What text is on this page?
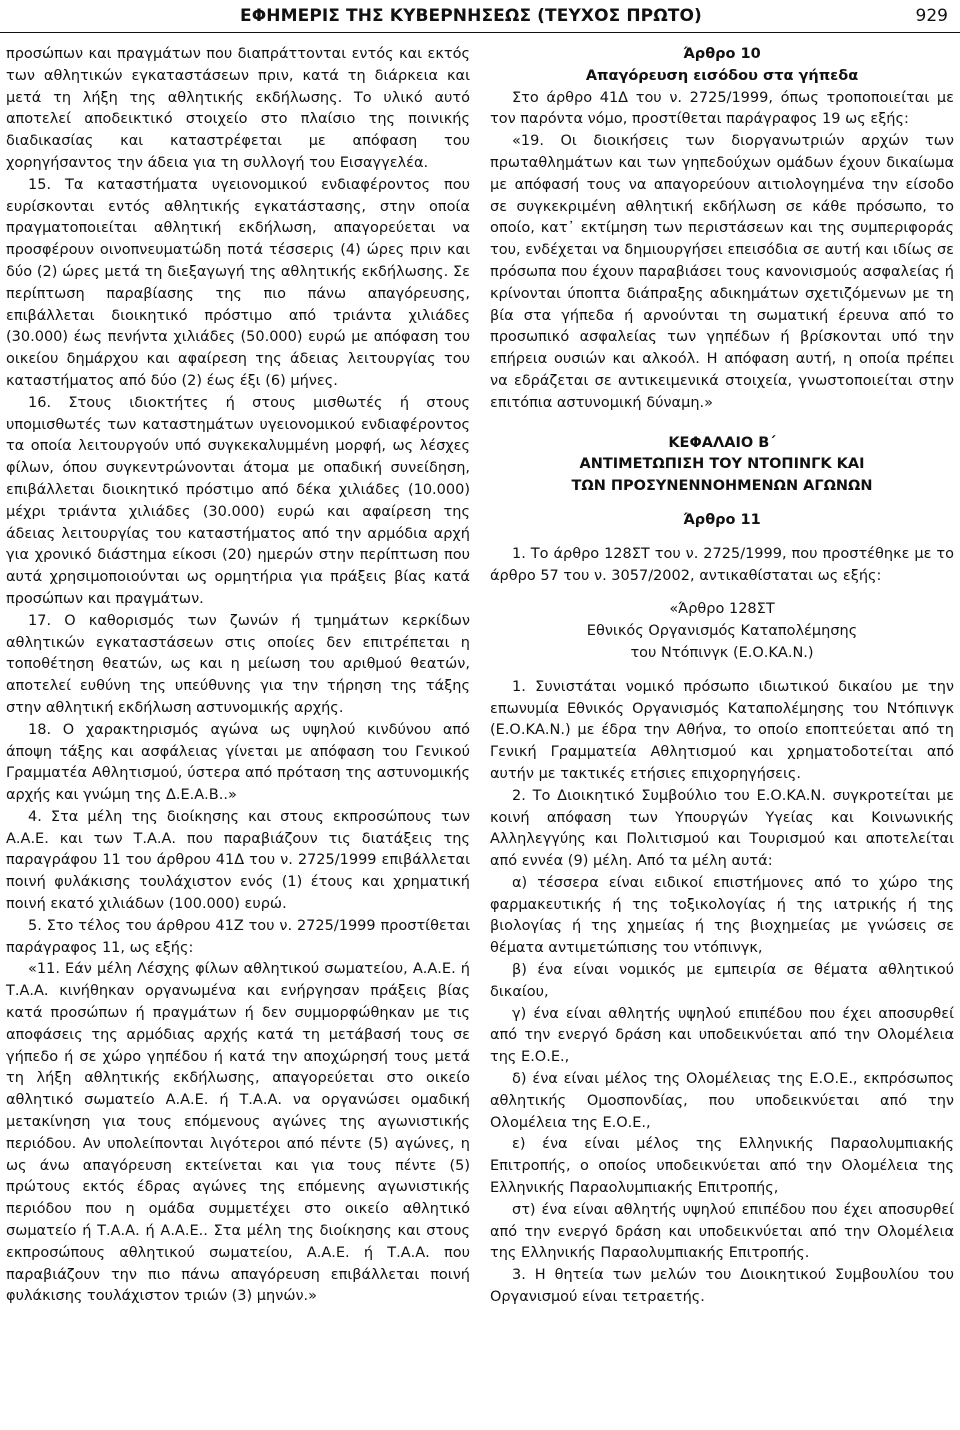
ΕΦΗΜΕΡΙΣ ΤΗΣ ΚΥΒΕΡΝΗΣΕΩΣ (ΤΕΥΧΟΣ ΠΡΩΤΟ)	929

προσώπων και πραγμάτων που διαπράττονται εντός και εκτός των αθλητικών εγκαταστάσεων πριν, κατά τη διάρκεια και μετά τη λήξη της αθλητικής εκδήλωσης. Το υλικό αυτό αποτελεί αποδεικτικό στοιχείο στο πλαίσιο της ποινικής διαδικασίας και καταστρέφεται με απόφαση του χορηγήσαντος την άδεια για τη συλλογή του Εισαγγελέα.

15. Τα καταστήματα υγειονομικού ενδιαφέροντος που ευρίσκονται εντός αθλητικής εγκατάστασης, στην οποία πραγματοποιείται αθλητική εκδήλωση, απαγορεύεται να προσφέρουν οινοπνευματώδη ποτά τέσσερις (4) ώρες πριν και δύο (2) ώρες μετά τη διεξαγωγή της αθλητικής εκδήλωσης. Σε περίπτωση παραβίασης της πιο πάνω απαγόρευσης, επιβάλλεται διοικητικό πρόστιμο από τριάντα χιλιάδες (30.000) έως πενήντα χιλιάδες (50.000) ευρώ με απόφαση του οικείου δημάρχου και αφαίρεση της άδειας λειτουργίας του καταστήματος από δύο (2) έως έξι (6) μήνες.

16. Στους ιδιοκτήτες ή στους μισθωτές ή στους υπομισθωτές των καταστημάτων υγειονομικού ενδιαφέροντος τα οποία λειτουργούν υπό συγκεκαλυμμένη μορφή, ως λέσχες φίλων, όπου συγκεντρώνονται άτομα με οπαδική συνείδηση, επιβάλλεται διοικητικό πρόστιμο από δέκα χιλιάδες (10.000) μέχρι τριάντα χιλιάδες (30.000) ευρώ και αφαίρεση της άδειας λειτουργίας του καταστήματος από την αρμόδια αρχή για χρονικό διάστημα είκοσι (20) ημερών στην περίπτωση που αυτά χρησιμοποιούνται ως ορμητήρια για πράξεις βίας κατά προσώπων και πραγμάτων.

17. Ο καθορισμός των ζωνών ή τμημάτων κερκίδων αθλητικών εγκαταστάσεων στις οποίες δεν επιτρέπεται η τοποθέτηση θεατών, ως και η μείωση του αριθμού θεατών, αποτελεί ευθύνη της υπεύθυνης για την τήρηση της τάξης στην αθλητική εκδήλωση αστυνομικής αρχής.

18. Ο χαρακτηρισμός αγώνα ως υψηλού κινδύνου από άποψη τάξης και ασφάλειας γίνεται με απόφαση του Γενικού Γραμματέα Αθλητισμού, ύστερα από πρόταση της αστυνομικής αρχής και γνώμη της Δ.Ε.Α.Β..»

4. Στα μέλη της διοίκησης και στους εκπροσώπους των Α.Α.Ε. και των Τ.Α.Α. που παραβιάζουν τις διατάξεις της παραγράφου 11 του άρθρου 41Δ του ν. 2725/1999 επιβάλλεται ποινή φυλάκισης τουλάχιστον ενός (1) έτους και χρηματική ποινή εκατό χιλιάδων (100.000) ευρώ.

5. Στο τέλος του άρθρου 41Ζ του ν. 2725/1999 προστίθεται παράγραφος 11, ως εξής:

«11. Εάν μέλη Λέσχης φίλων αθλητικού σωματείου, Α.Α.Ε. ή Τ.Α.Α. κινήθηκαν οργανωμένα και ενήργησαν πράξεις βίας κατά προσώπων ή πραγμάτων ή δεν συμμορφώθηκαν με τις αποφάσεις της αρμόδιας αρχής κατά τη μετάβασή τους σε γήπεδο ή σε χώρο γηπέδου ή κατά την αποχώρησή τους μετά τη λήξη αθλητικής εκδήλωσης, απαγορεύεται στο οικείο αθλητικό σωματείο Α.Α.Ε. ή Τ.Α.Α. να οργανώσει ομαδική μετακίνηση για τους επόμενους αγώνες της αγωνιστικής περιόδου. Αν υπολείπονται λιγότεροι από πέντε (5) αγώνες, η ως άνω απαγόρευση εκτείνεται και για τους πέντε (5) πρώτους εκτός έδρας αγώνες της επόμενης αγωνιστικής περιόδου που η ομάδα συμμετέχει στο οικείο αθλητικό σωματείο ή Τ.Α.Α. ή Α.Α.Ε.. Στα μέλη της διοίκησης και στους εκπροσώπους αθλητικού σωματείου, Α.Α.Ε. ή Τ.Α.Α. που παραβιάζουν την πιο πάνω απαγόρευση επιβάλλεται ποινή φυλάκισης τουλάχιστον τριών (3) μηνών.»

Άρθρο 10

Απαγόρευση εισόδου στα γήπεδα

Στο άρθρο 41Δ του ν. 2725/1999, όπως τροποποιείται με τον παρόντα νόμο, προστίθεται παράγραφος 19 ως εξής:

«19. Οι διοικήσεις των διοργανωτριών αρχών των πρωταθλημάτων και των γηπεδούχων ομάδων έχουν δικαίωμα με απόφασή τους να απαγορεύουν αιτιολογημένα την είσοδο σε συγκεκριμένη αθλητική εκδήλωση σε κάθε πρόσωπο, το οποίο, κατ᾽ εκτίμηση των περιστάσεων και της συμπεριφοράς του, ενδέχεται να δημιουργήσει επεισόδια σε αυτή και ιδίως σε πρόσωπα που έχουν παραβιάσει τους κανονισμούς ασφαλείας ή κρίνονται ύποπτα διάπραξης αδικημάτων σχετιζόμενων με τη βία στα γήπεδα ή αρνούνται τη σωματική έρευνα από το προσωπικό ασφαλείας των γηπέδων ή βρίσκονται υπό την επήρεια ουσιών και αλκοόλ. Η απόφαση αυτή, η οποία πρέπει να εδράζεται σε αντικειμενικά στοιχεία, γνωστοποιείται στην επιτόπια αστυνομική δύναμη.»

ΚΕΦΑΛΑΙΟ Β΄

ΑΝΤΙΜΕΤΩΠΙΣΗ ΤΟΥ ΝΤΟΠΙΝΓΚ ΚΑΙ

ΤΩΝ ΠΡΟΣΥΝΕΝΝΟΗΜΕΝΩΝ ΑΓΩΝΩΝ

Άρθρο 11

1. Το άρθρο 128ΣΤ του ν. 2725/1999, που προστέθηκε με το άρθρο 57 του ν. 3057/2002, αντικαθίσταται ως εξής:

«Άρθρο 128ΣΤ

Εθνικός Οργανισμός Καταπολέμησης

του Ντόπινγκ (Ε.Ο.ΚΑ.Ν.)

1. Συνιστάται νομικό πρόσωπο ιδιωτικού δικαίου με την επωνυμία Εθνικός Οργανισμός Καταπολέμησης του Ντόπινγκ (Ε.Ο.ΚΑ.Ν.) με έδρα την Αθήνα, το οποίο εποπτεύεται από τη Γενική Γραμματεία Αθλητισμού και χρηματοδοτείται από αυτήν με τακτικές ετήσιες επιχορηγήσεις.

2. Το Διοικητικό Συμβούλιο του Ε.Ο.ΚΑ.Ν. συγκροτείται με κοινή απόφαση των Υπουργών Υγείας και Κοινωνικής Αλληλεγγύης και Πολιτισμού και Τουρισμού και αποτελείται από εννέα (9) μέλη. Από τα μέλη αυτά:

α) τέσσερα είναι ειδικοί επιστήμονες από το χώρο της φαρμακευτικής ή της τοξικολογίας ή της ιατρικής ή της βιολογίας ή της χημείας ή της βιοχημείας με γνώσεις σε θέματα αντιμετώπισης του ντόπινγκ,

β) ένα είναι νομικός με εμπειρία σε θέματα αθλητικού δικαίου,

γ) ένα είναι αθλητής υψηλού επιπέδου που έχει αποσυρθεί από την ενεργό δράση και υποδεικνύεται από την Ολομέλεια της Ε.Ο.Ε.,

δ) ένα είναι μέλος της Ολομέλειας της Ε.Ο.Ε., εκπρόσωπος αθλητικής Ομοσπονδίας, που υποδεικνύεται από την Ολομέλεια της Ε.Ο.Ε.,

ε) ένα είναι μέλος της Ελληνικής Παραολυμπιακής Επιτροπής, ο οποίος υποδεικνύεται από την Ολομέλεια της Ελληνικής Παραολυμπιακής Επιτροπής,

στ) ένα είναι αθλητής υψηλού επιπέδου που έχει αποσυρθεί από την ενεργό δράση και υποδεικνύεται από την Ολομέλεια της Ελληνικής Παραολυμπιακής Επιτροπής.

3. Η θητεία των μελών του Διοικητικού Συμβουλίου του Οργανισμού είναι τετραετής.
